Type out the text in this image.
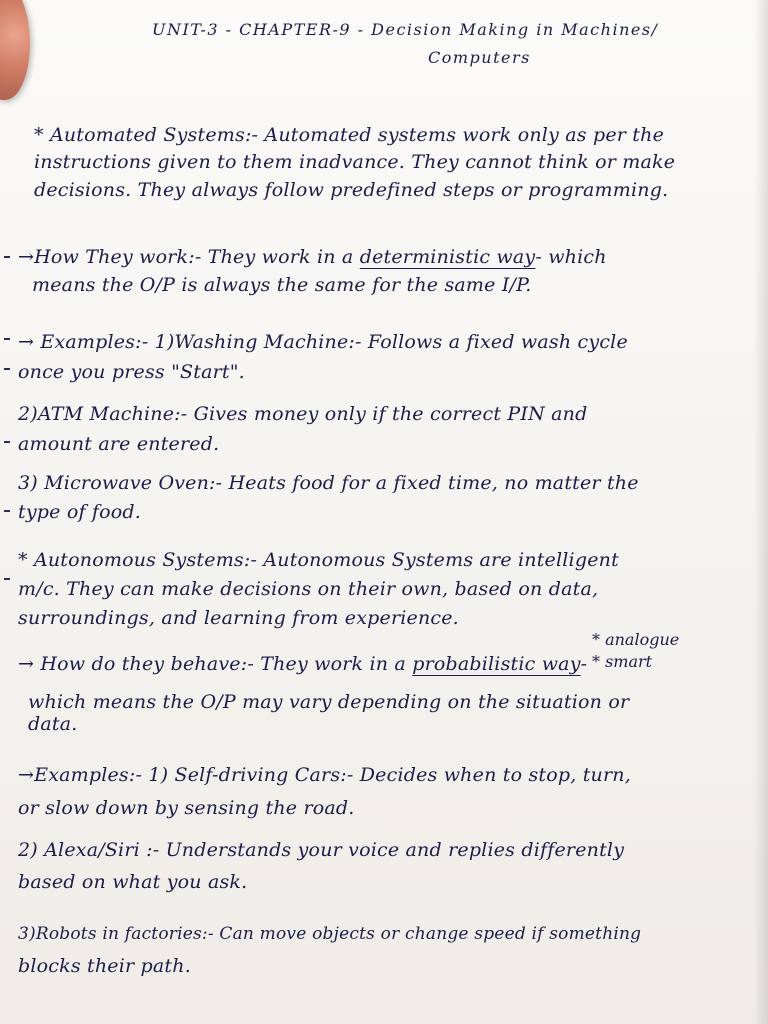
UNIT-3 - CHAPTER-9 - Decision Making in Machines/
Computers
* Automated Systems:- Automated systems work only as per the
instructions given to them inadvance. They cannot think or make
decisions. They always follow predefined steps or programming.
→How They work:- They work in a deterministic way- which
means the O/P is always the same for the same I/P.
→ Examples:- 1)Washing Machine:- Follows a fixed wash cycle
once you press "Start".
2)ATM Machine:- Gives money only if the correct PIN and
amount are entered.
3) Microwave Oven:- Heats food for a fixed time, no matter the
type of food.
* Autonomous Systems:- Autonomous Systems are intelligent
m/c. They can make decisions on their own, based on data,
surroundings, and learning from experience.
* analogue
* smart
→ How do they behave:- They work in a probabilistic way-
which means the O/P may vary depending on the situation or
data.
→Examples:- 1) Self-driving Cars:- Decides when to stop, turn,
or slow down by sensing the road.
2) Alexa/Siri :- Understands your voice and replies differently
based on what you ask.
3)Robots in factories:- Can move objects or change speed if something
blocks their path.
